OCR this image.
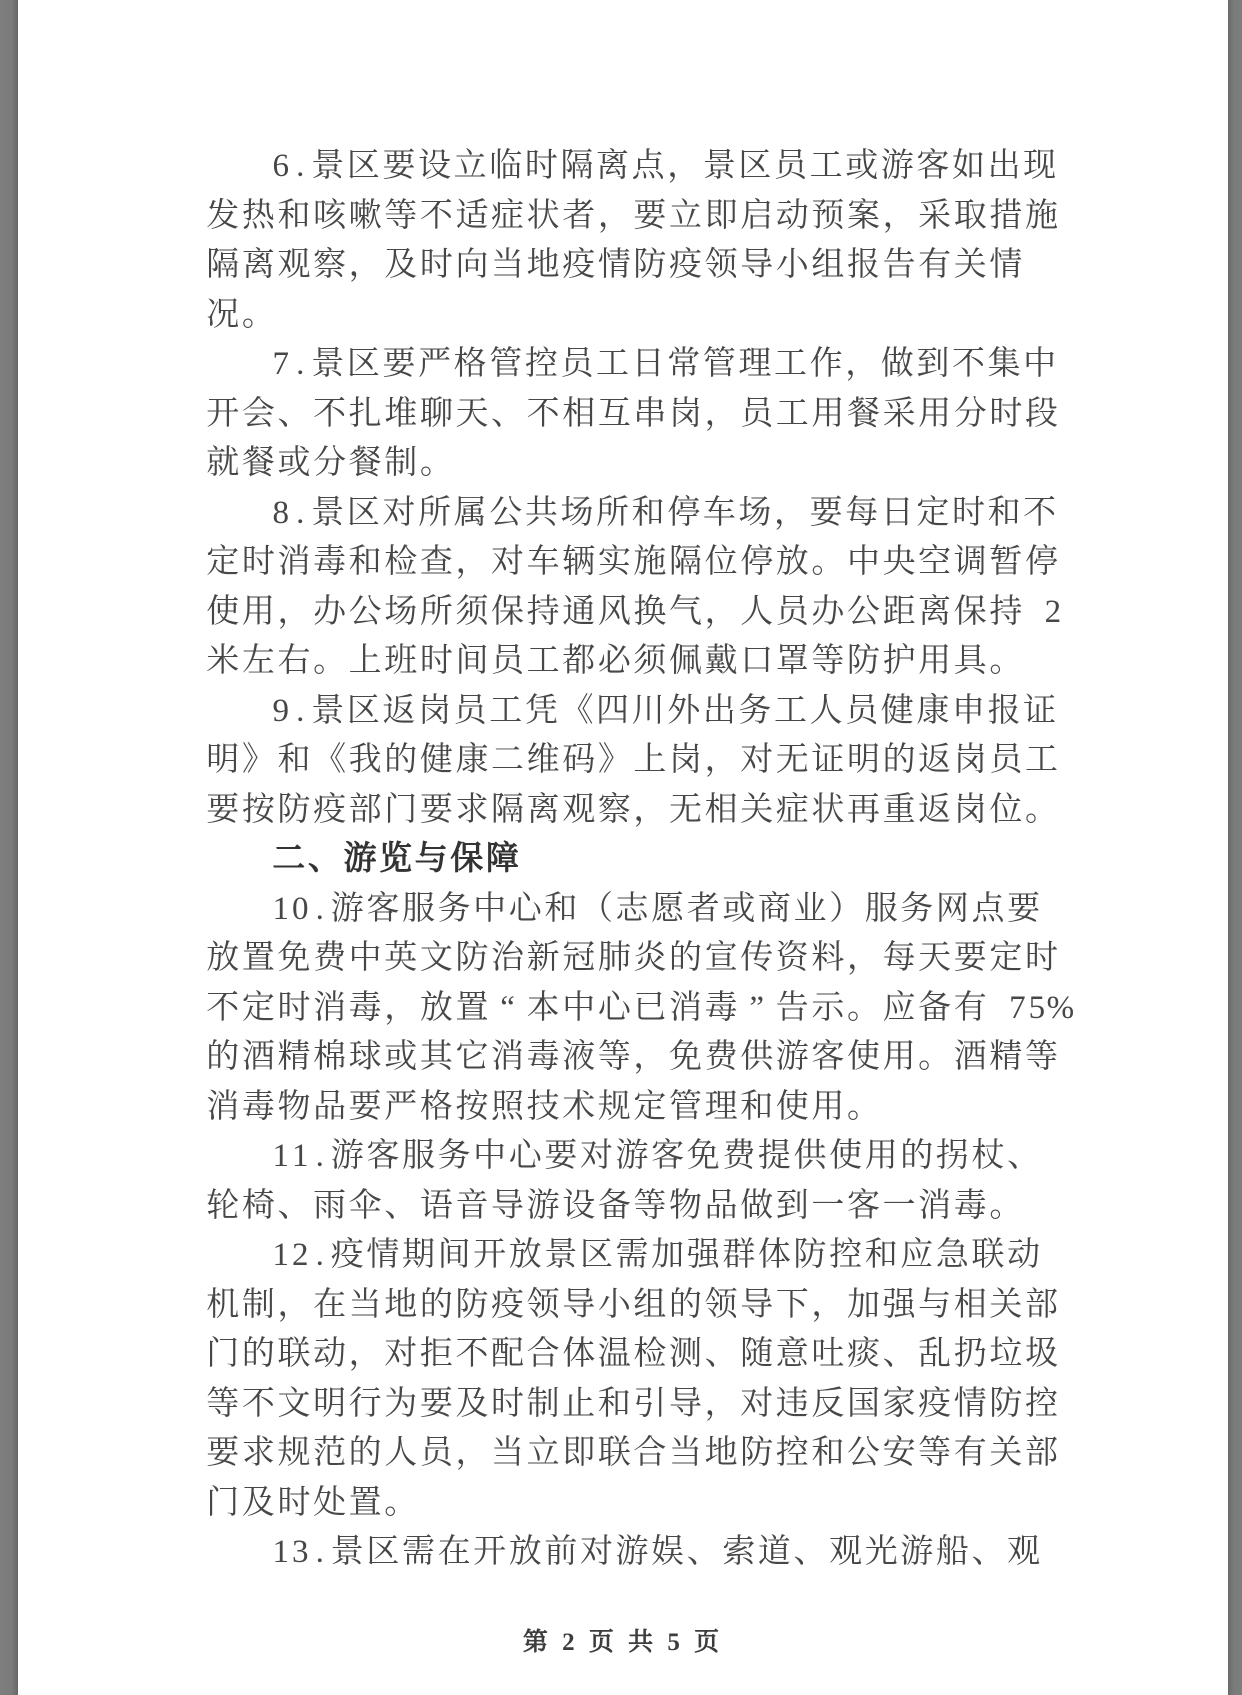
6 . 景区要设立临时隔离点，景区员工或游客如出现
发热和咳嗽等不适症状者，要立即启动预案，采取措施
隔离观察，及时向当地疫情防疫领导小组报告有关情
况。
7 . 景区要严格管控员工日常管理工作，做到不集中
开会、不扎堆聊天、不相互串岗，员工用餐采用分时段
就餐或分餐制。
8 . 景区对所属公共场所和停车场，要每日定时和不
定时消毒和检查，对车辆实施隔位停放。中央空调暂停
使用，办公场所须保持通风换气，人员办公距离保持 2
米左右。上班时间员工都必须佩戴口罩等防护用具。
9 . 景区返岗员工凭《四川外出务工人员健康申报证
明》和《我的健康二维码》上岗，对无证明的返岗员工
要按防疫部门要求隔离观察，无相关症状再重返岗位。
二、游览与保障
10 . 游客服务中心和（志愿者或商业）服务网点要
放置免费中英文防治新冠肺炎的宣传资料，每天要定时
不定时消毒，放置 “ 本中心已消毒 ” 告示。应备有 75%
的酒精棉球或其它消毒液等，免费供游客使用。酒精等
消毒物品要严格按照技术规定管理和使用。
11 . 游客服务中心要对游客免费提供使用的拐杖、
轮椅、雨伞、语音导游设备等物品做到一客一消毒。
12 . 疫情期间开放景区需加强群体防控和应急联动
机制，在当地的防疫领导小组的领导下，加强与相关部
门的联动，对拒不配合体温检测、随意吐痰、乱扔垃圾
等不文明行为要及时制止和引导，对违反国家疫情防控
要求规范的人员，当立即联合当地防控和公安等有关部
门及时处置。
13 . 景区需在开放前对游娱、索道、观光游船、观
第 2 页 共 5 页
